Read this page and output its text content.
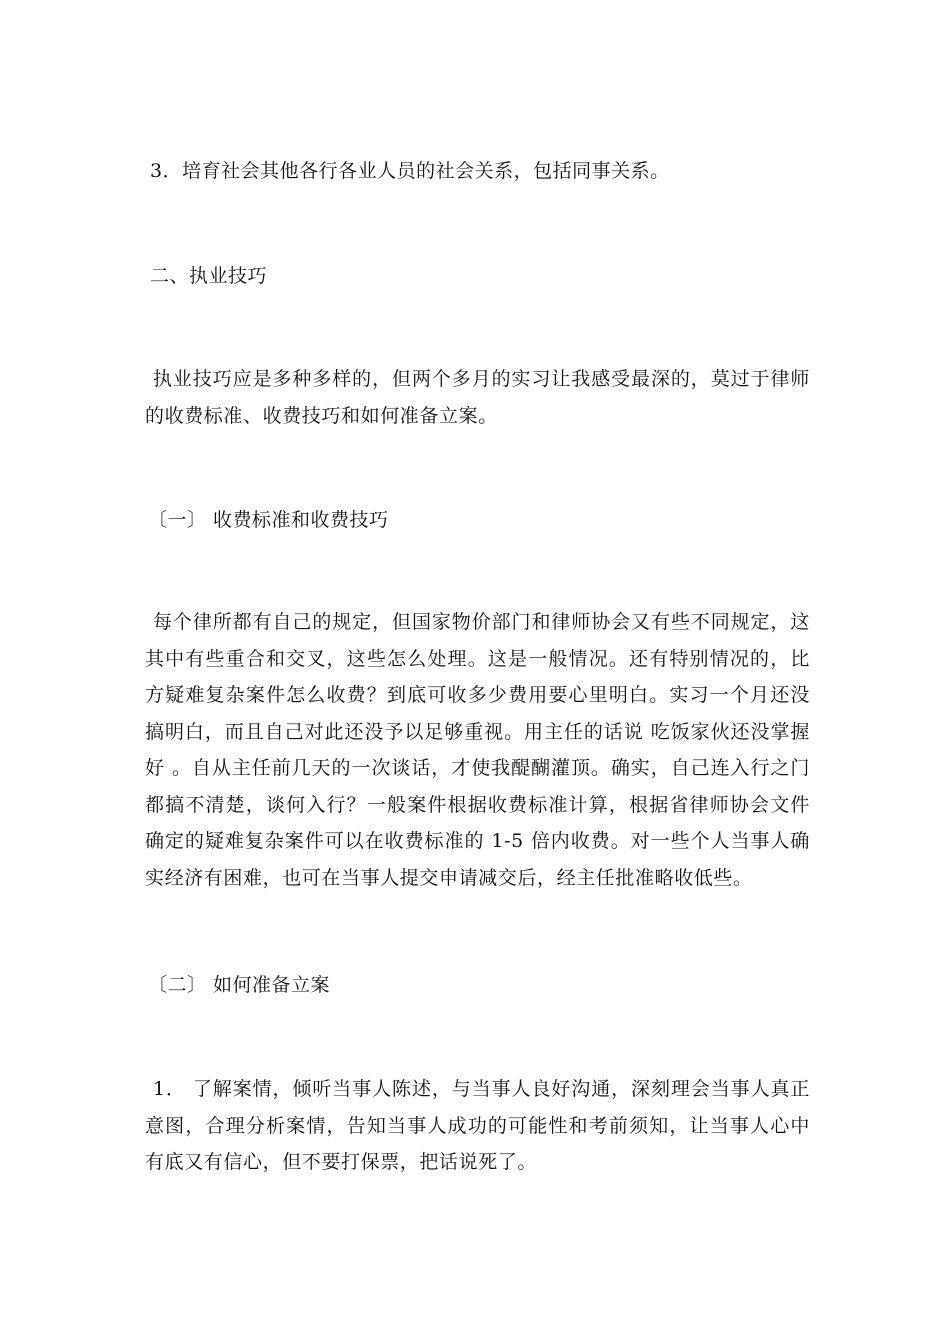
3．培育社会其他各行各业人员的社会关系，包括同事关系。
二、执业技巧
执业技巧应是多种多样的，但两个多月的实习让我感受最深的，莫过于律师的收费标准、收费技巧和如何准备立案。
〔一〕 收费标准和收费技巧
每个律所都有自己的规定，但国家物价部门和律师协会又有些不同规定，这其中有些重合和交叉，这些怎么处理。这是一般情况。还有特别情况的，比方疑难复杂案件怎么收费？到底可收多少费用要心里明白。实习一个月还没搞明白，而且自己对此还没予以足够重视。用主任的话说 吃饭家伙还没掌握好 。自从主任前几天的一次谈话，才使我醍醐灌顶。确实，自己连入行之门都搞不清楚，谈何入行？一般案件根据收费标准计算，根据省律师协会文件确定的疑难复杂案件可以在收费标准的 1-5 倍内收费。对一些个人当事人确实经济有困难，也可在当事人提交申请减交后，经主任批准略收低些。
〔二〕 如何准备立案
1． 了解案情，倾听当事人陈述，与当事人良好沟通，深刻理会当事人真正意图，合理分析案情，告知当事人成功的可能性和考前须知，让当事人心中有底又有信心，但不要打保票，把话说死了。
